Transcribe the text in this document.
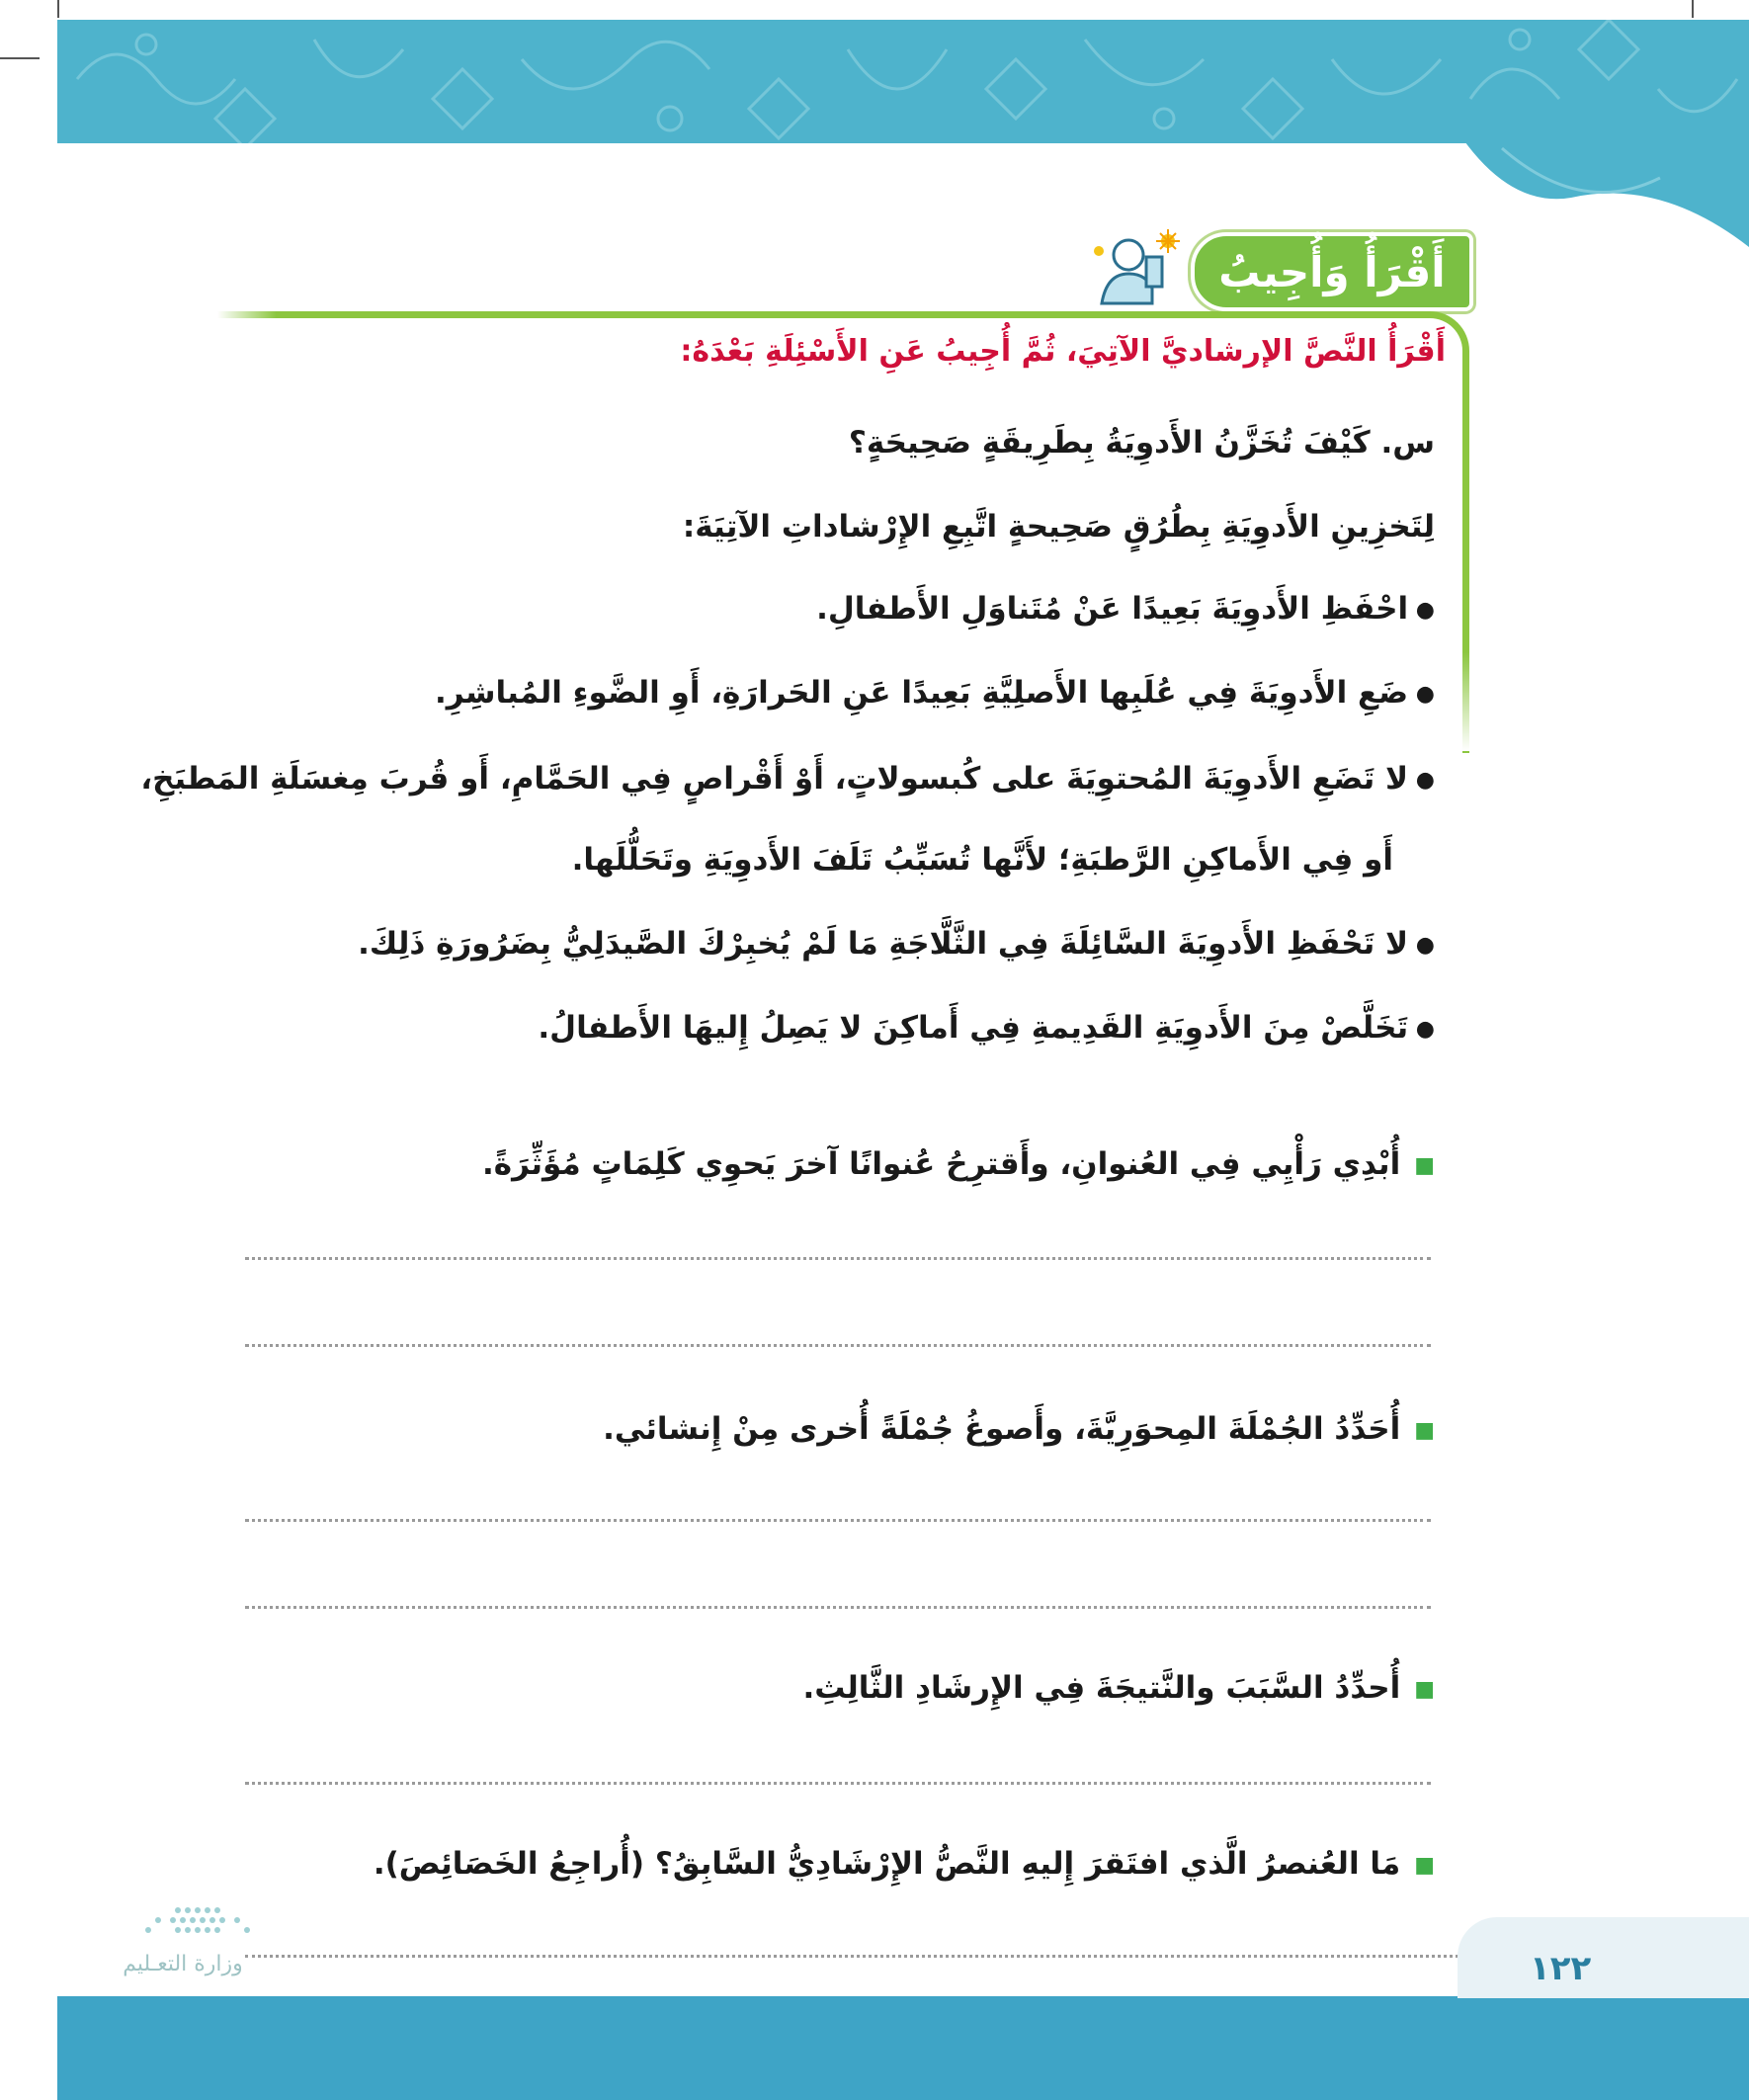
أَقْرَأُ وَأُجِيبُ
أَقْرَأُ النَّصَّ الإرشاديَّ الآتِيَ، ثُمَّ أُجِيبُ عَنِ الأَسْئِلَةِ بَعْدَهُ:
س. كَيْفَ تُخَزَّنُ الأَدوِيَةُ بِطَرِيقَةٍ صَحِيحَةٍ؟
لِتَخزِينِ الأَدوِيَةِ بِطُرُقٍ صَحِيحةٍ اتَّبِعِ الإِرْشاداتِ الآتِيَةَ:
● احْفَظِ الأَدوِيَةَ بَعِيدًا عَنْ مُتَناوَلِ الأَطفالِ.
● ضَعِ الأَدوِيَةَ فِي عُلَبِها الأَصلِيَّةِ بَعِيدًا عَنِ الحَرارَةِ، أَوِ الضَّوءِ المُباشِرِ.
● لا تَضَعِ الأَدوِيَةَ المُحتوِيَةَ على كُبسولاتٍ، أَوْ أَقْراصٍ فِي الحَمَّامِ، أَو قُربَ مِغسَلَةِ المَطبَخِ،
أَو فِي الأَماكِنِ الرَّطبَةِ؛ لأَنَّها تُسَبِّبُ تَلَفَ الأَدوِيَةِ وتَحَلُّلَها.
● لا تَحْفَظِ الأَدوِيَةَ السَّائِلَةَ فِي الثَّلَّاجَةِ مَا لَمْ يُخبِرْكَ الصَّيدَلِيُّ بِضَرُورَةِ ذَلِكَ.
● تَخَلَّصْ مِنَ الأَدوِيَةِ القَدِيمةِ فِي أَماكِنَ لا يَصِلُ إِليهَا الأَطفالُ.
■أُبْدِي رَأْيِي فِي العُنوانِ، وأَقترِحُ عُنوانًا آخرَ يَحوِي كَلِمَاتٍ مُؤَثِّرَةً.
■أُحَدِّدُ الجُمْلَةَ المِحوَرِيَّةَ، وأَصوغُ جُمْلَةً أُخرى مِنْ إِنشائي.
■أُحدِّدُ السَّبَبَ والنَّتيجَةَ فِي الإِرشَادِ الثَّالِثِ.
■مَا العُنصرُ الَّذي افتَقرَ إِليهِ النَّصُّ الإِرْشَادِيُّ السَّابِقُ؟ (أُراجِعُ الخَصَائِصَ).
١٢٢
وزارة التعـليم
